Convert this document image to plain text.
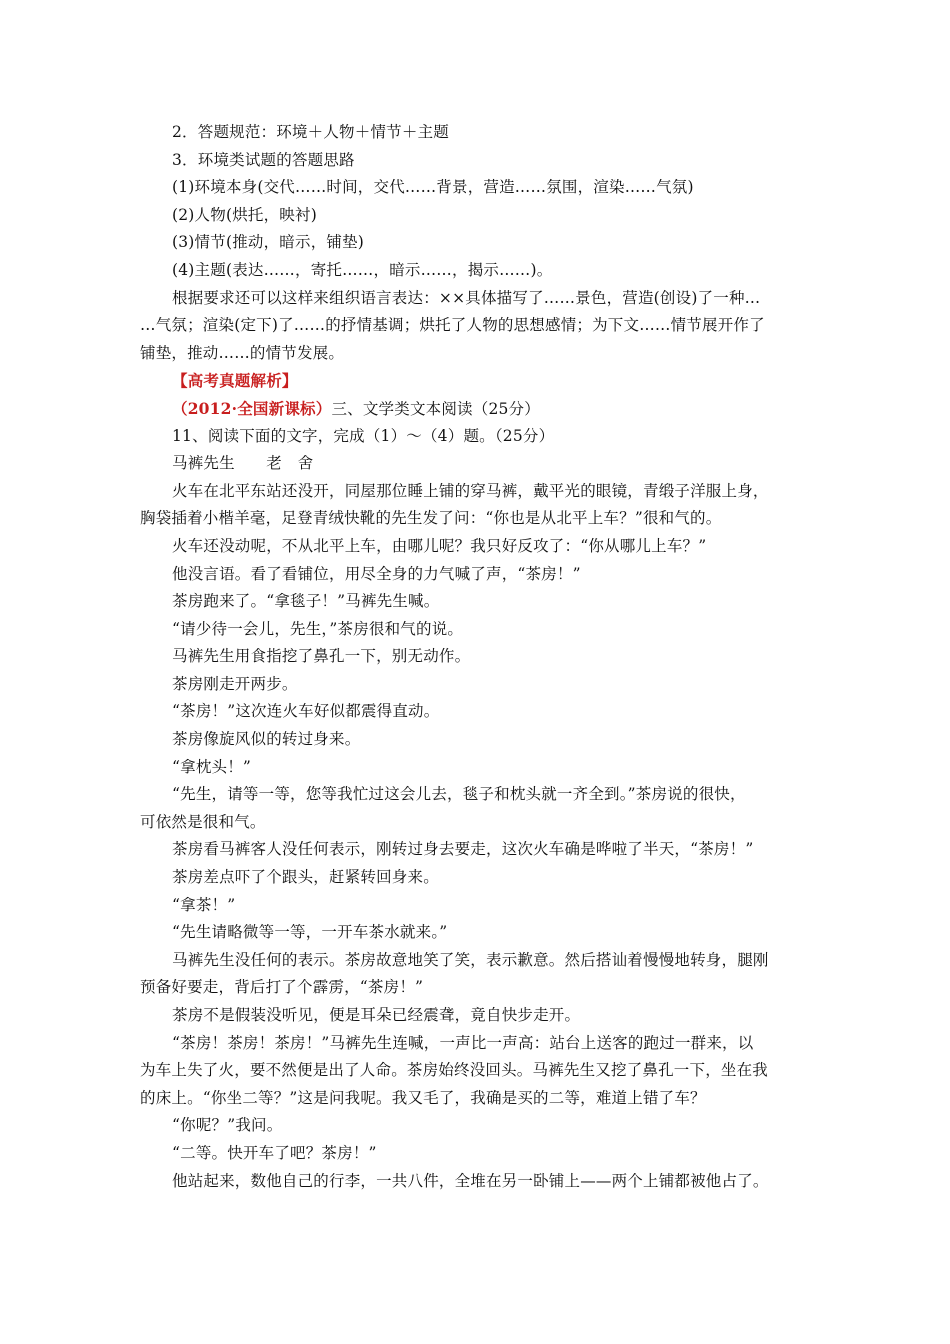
2．答题规范：环境＋人物＋情节＋主题
3．环境类试题的答题思路
(1)环境本身(交代……时间，交代……背景，营造……氛围，渲染……气氛)
(2)人物(烘托，映衬)
(3)情节(推动，暗示，铺垫)
(4)主题(表达……，寄托……，暗示……，揭示……)。
根据要求还可以这样来组织语言表达：××具体描写了……景色，营造(创设)了一种…
…气氛；渲染(定下)了……的抒情基调；烘托了人物的思想感情；为下文……情节展开作了
铺垫，推动……的情节发展。
【高考真题解析】
（2012·全国新课标）三、文学类文本阅读（25分）
11、阅读下面的文字，完成（1）～（4）题。（25分）
马裤先生　　老　舍
火车在北平东站还没开，同屋那位睡上铺的穿马裤，戴平光的眼镜，青缎子洋服上身，
胸袋插着小楷羊毫，足登青绒快靴的先生发了问：“你也是从北平上车？”很和气的。
火车还没动呢，不从北平上车，由哪儿呢？我只好反攻了：“你从哪儿上车？”
他没言语。看了看铺位，用尽全身的力气喊了声，“茶房！”
茶房跑来了。“拿毯子！”马裤先生喊。
“请少待一会儿，先生，”茶房很和气的说。
马裤先生用食指挖了鼻孔一下，别无动作。
茶房刚走开两步。
“茶房！”这次连火车好似都震得直动。
茶房像旋风似的转过身来。
“拿枕头！”
“先生，请等一等，您等我忙过这会儿去，毯子和枕头就一齐全到。”茶房说的很快，
可依然是很和气。
茶房看马裤客人没任何表示，刚转过身去要走，这次火车确是哗啦了半天，“茶房！”
茶房差点吓了个跟头，赶紧转回身来。
“拿茶！”
“先生请略微等一等，一开车茶水就来。”
马裤先生没任何的表示。茶房故意地笑了笑，表示歉意。然后搭讪着慢慢地转身，腿刚
预备好要走，背后打了个霹雳，“茶房！”
茶房不是假装没听见，便是耳朵已经震聋，竟自快步走开。
“茶房！茶房！茶房！”马裤先生连喊，一声比一声高：站台上送客的跑过一群来，以
为车上失了火，要不然便是出了人命。茶房始终没回头。马裤先生又挖了鼻孔一下，坐在我
的床上。“你坐二等？”这是问我呢。我又毛了，我确是买的二等，难道上错了车？
“你呢？”我问。
“二等。快开车了吧？茶房！”
他站起来，数他自己的行李，一共八件，全堆在另一卧铺上——两个上铺都被他占了。
